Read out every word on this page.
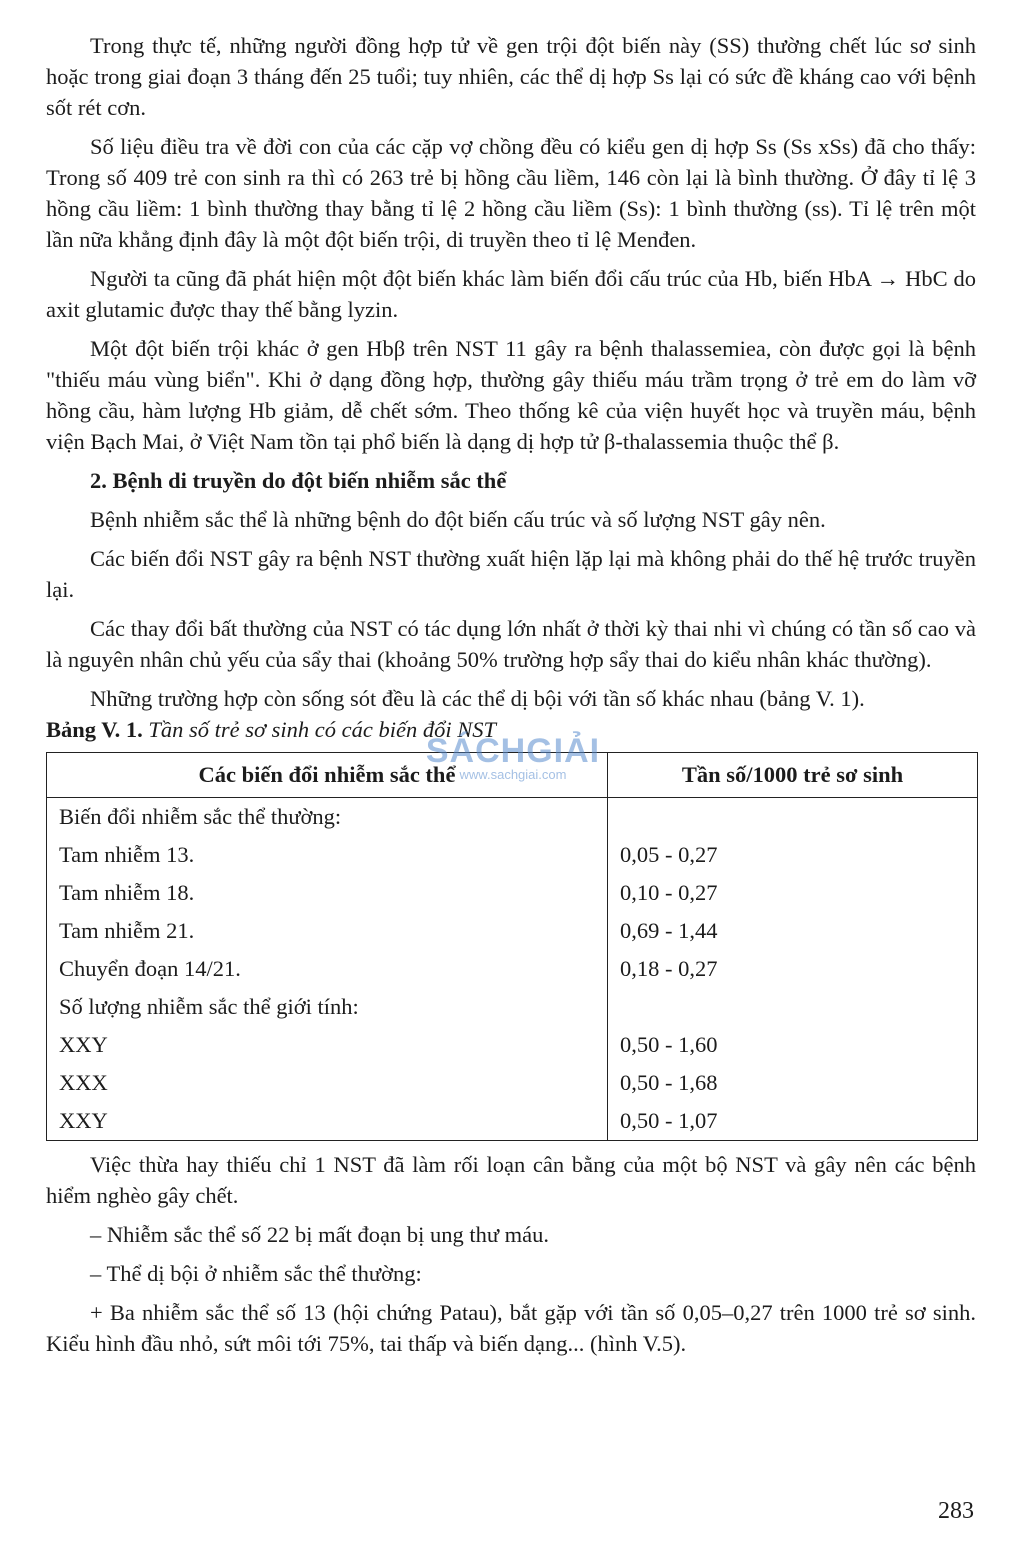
Trong thực tế, những người đồng hợp tử về gen trội đột biến này (SS) thường chết lúc sơ sinh hoặc trong giai đoạn 3 tháng đến 25 tuổi; tuy nhiên, các thể dị hợp Ss lại có sức đề kháng cao với bệnh sốt rét cơn.

Số liệu điều tra về đời con của các cặp vợ chồng đều có kiểu gen dị hợp Ss (Ss xSs) đã cho thấy: Trong số 409 trẻ con sinh ra thì có 263 trẻ bị hồng cầu liềm, 146 còn lại là bình thường. Ở đây tỉ lệ 3 hồng cầu liềm: 1 bình thường thay bằng tỉ lệ 2 hồng cầu liềm (Ss): 1 bình thường (ss). Tỉ lệ trên một lần nữa khẳng định đây là một đột biến trội, di truyền theo tỉ lệ Menđen.

Người ta cũng đã phát hiện một đột biến khác làm biến đổi cấu trúc của Hb, biến HbA → HbC do axit glutamic được thay thế bằng lyzin.

Một đột biến trội khác ở gen Hbβ trên NST 11 gây ra bệnh thalassemiea, còn được gọi là bệnh "thiếu máu vùng biển". Khi ở dạng đồng hợp, thường gây thiếu máu trầm trọng ở trẻ em do làm vỡ hồng cầu, hàm lượng Hb giảm, dễ chết sớm. Theo thống kê của viện huyết học và truyền máu, bệnh viện Bạch Mai, ở Việt Nam tồn tại phổ biến là dạng dị hợp tử β-thalassemia thuộc thể β.

2. Bệnh di truyền do đột biến nhiễm sắc thể

Bệnh nhiễm sắc thể là những bệnh do đột biến cấu trúc và số lượng NST gây nên.

Các biến đổi NST gây ra bệnh NST thường xuất hiện lặp lại mà không phải do thế hệ trước truyền lại.

Các thay đổi bất thường của NST có tác dụng lớn nhất ở thời kỳ thai nhi vì chúng có tần số cao và là nguyên nhân chủ yếu của sẩy thai (khoảng 50% trường hợp sẩy thai do kiểu nhân khác thường).

Những trường hợp còn sống sót đều là các thể dị bội với tần số khác nhau (bảng V. 1).

Bảng V. 1. Tần số trẻ sơ sinh có các biến đổi NST
Các biến đổi nhiễm sắc thể	Tần số/1000 trẻ sơ sinh
Biến đổi nhiễm sắc thể thường:	
Tam nhiễm 13.	0,05 - 0,27
Tam nhiễm 18.	0,10 - 0,27
Tam nhiễm 21.	0,69 - 1,44
Chuyển đoạn 14/21.	0,18 - 0,27
Số lượng nhiễm sắc thể giới tính:	
XXY	0,50 - 1,60
XXX	0,50 - 1,68
XXY	0,50 - 1,07

Việc thừa hay thiếu chỉ 1 NST đã làm rối loạn cân bằng của một bộ NST và gây nên các bệnh hiểm nghèo gây chết.

– Nhiễm sắc thể số 22 bị mất đoạn bị ung thư máu.

– Thể dị bội ở nhiễm sắc thể thường:

+ Ba nhiễm sắc thể số 13 (hội chứng Patau), bắt gặp với tần số 0,05–0,27 trên 1000 trẻ sơ sinh. Kiểu hình đầu nhỏ, sứt môi tới 75%, tai thấp và biến dạng... (hình V.5).

SÁCHGIẢI
www.sachgiai.com
283
